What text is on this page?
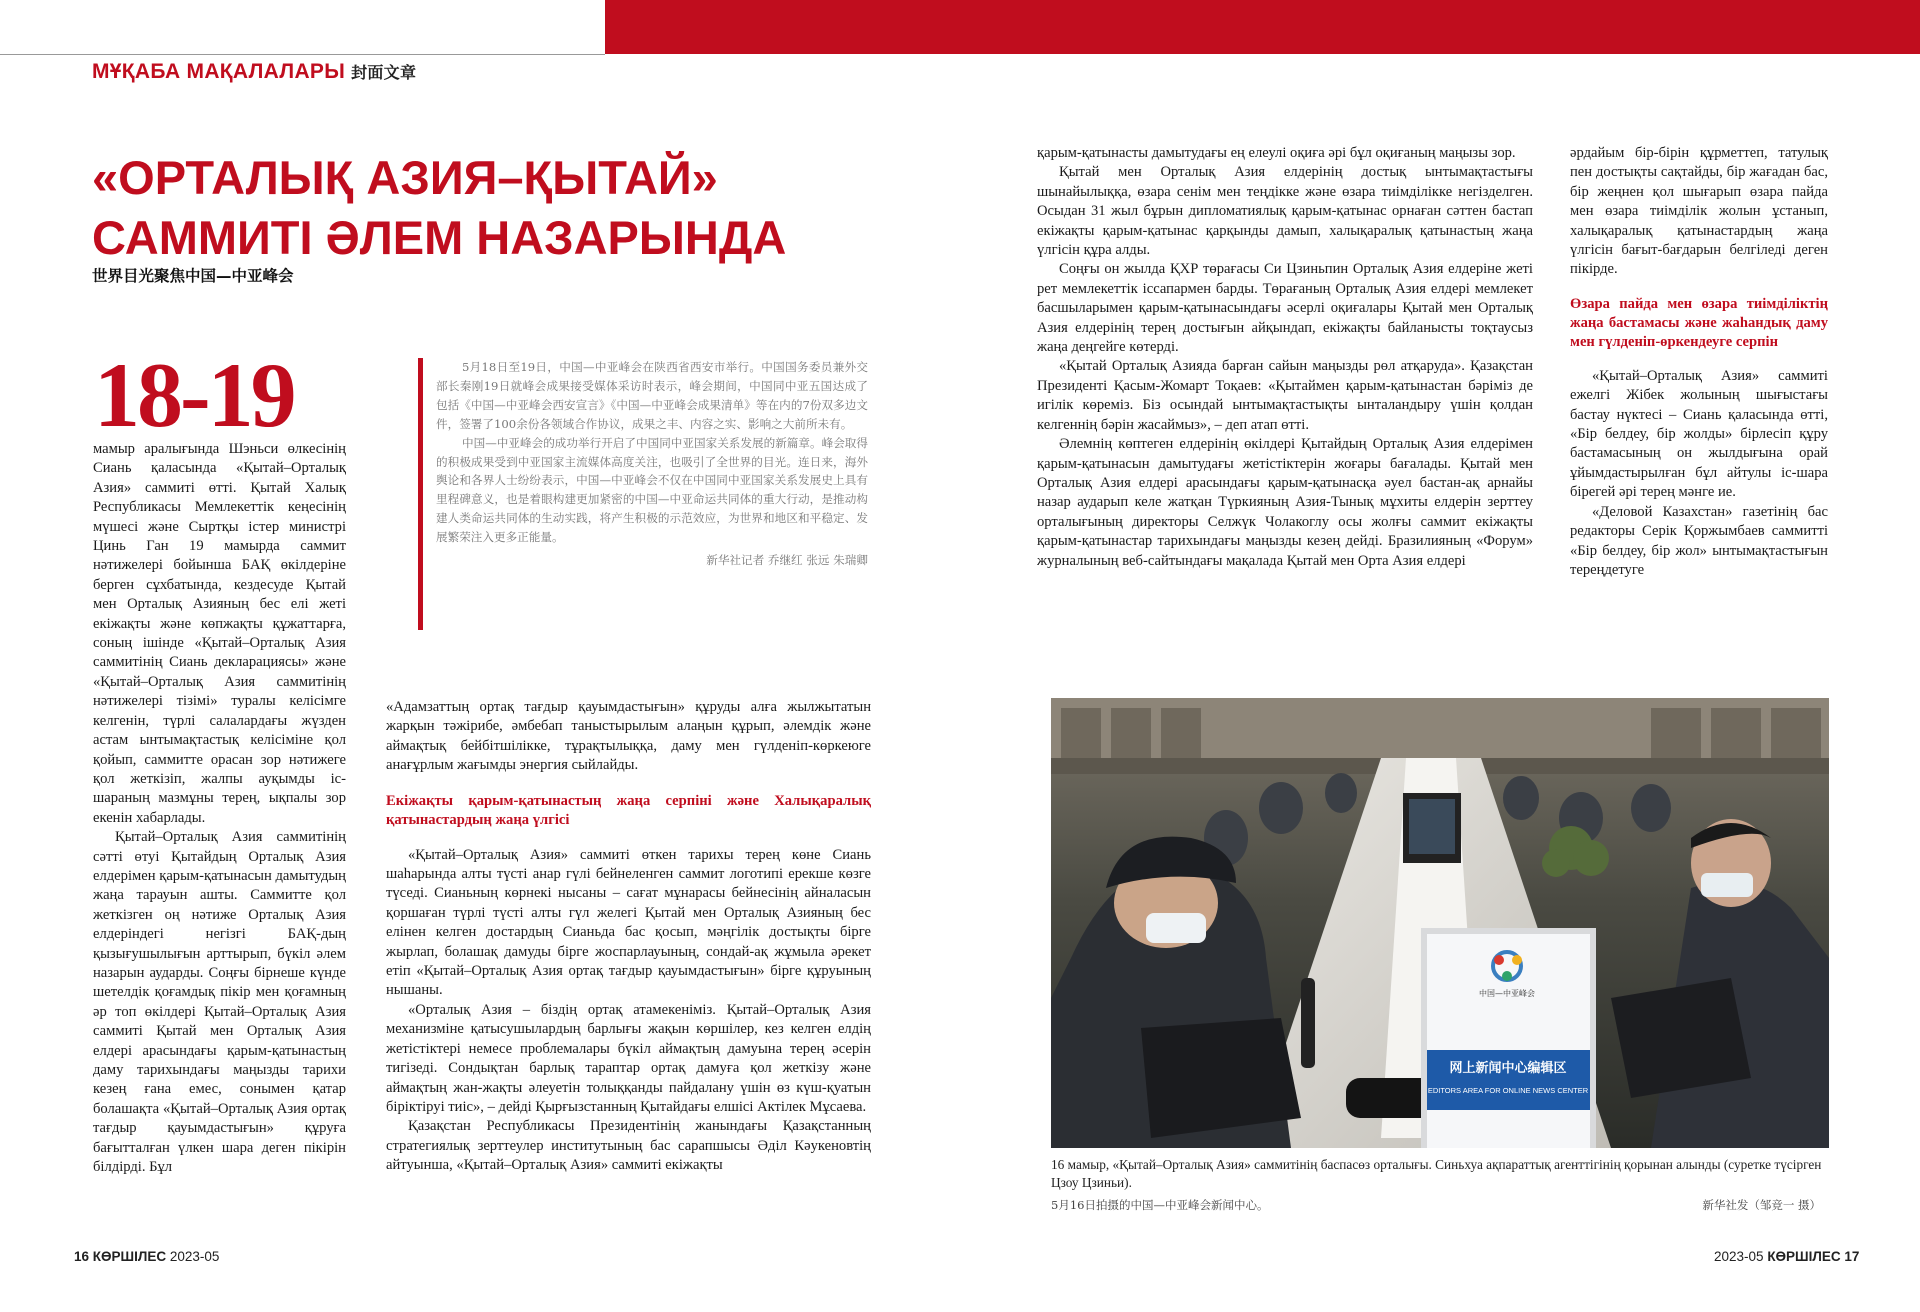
МҰҚАБА МАҚАЛАЛАРЫ 封面文章
«ОРТАЛЫҚ АЗИЯ–ҚЫТАЙ»
САММИТІ ӘЛЕМ НАЗАРЫНДА
世界目光聚焦中国—中亚峰会
18-19

мамыр аралығында Шэньси өлкесінің Сиань қаласында «Қытай–Орталық Азия» саммиті өтті. Қытай Халық Республикасы Мемлекеттік кеңесінің мүшесі және Сыртқы істер министрі Цинь Ган 19 мамырда саммит нәтижелері бойынша БАҚ өкілдеріне берген сұхбатында, кездесуде Қытай мен Орталық Азияның бес елі жеті екіжақты және көпжақты құжаттарға, соның ішінде «Қытай–Орталық Азия саммитінің Сиань декларациясы» және «Қытай–Орталық Азия саммитінің нәтижелері тізімі» туралы келісімге келгенін, түрлі салалардағы жүзден астам ынтымақтастық келісіміне қол қойып, саммитте орасан зор нәтижеге қол жеткізіп, жалпы ауқымды іс-шараның мазмұны терең, ықпалы зор екенін хабарлады.

Қытай–Орталық Азия саммитінің сәтті өтуі Қытайдың Орталық Азия елдерімен қарым-қатынасын дамытудың жаңа тарауын ашты. Саммитте қол жеткізген оң нәтиже Орталық Азия елдеріндегі негізгі БАҚ-дың қызығушылығын арттырып, бүкіл әлем назарын аударды. Соңғы бірнеше күнде шетелдік қоғамдық пікір мен қоғамның әр топ өкілдері Қытай–Орталық Азия саммиті Қытай мен Орталық Азия елдері арасындағы қарым-қатынастың даму тарихындағы маңызды тарихи кезең ғана емес, сонымен қатар болашақта «Қытай–Орталық Азия ортақ тағдыр қауымдастығын» құруға бағытталған үлкен шара деген пікірін білдірді. Бұл

5月18日至19日，中国—中亚峰会在陕西省西安市举行。中国国务委员兼外交部长秦刚19日就峰会成果接受媒体采访时表示，峰会期间，中国同中亚五国达成了包括《中国—中亚峰会西安宣言》《中国—中亚峰会成果清单》等在内的7份双多边文件，签署了100余份各领域合作协议，成果之丰、内容之实、影响之大前所未有。

中国—中亚峰会的成功举行开启了中国同中亚国家关系发展的新篇章。峰会取得的积极成果受到中亚国家主流媒体高度关注，也吸引了全世界的目光。连日来，海外舆论和各界人士纷纷表示，中国—中亚峰会不仅在中国同中亚国家关系发展史上具有里程碑意义，也是着眼构建更加紧密的中国—中亚命运共同体的重大行动，是推动构建人类命运共同体的生动实践，将产生积极的示范效应，为世界和地区和平稳定、发展繁荣注入更多正能量。

新华社记者 乔继红 张远 朱瑞卿

«Адамзаттың ортақ тағдыр қауымдастығын» құруды алға жылжытатын жарқын тәжірибе, әмбебап таныстырылым алаңын құрып, әлемдік және аймақтық бейбітшілікке, тұрақтылыққа, даму мен гүлденіп-көркеюге анағұрлым жағымды энергия сыйлайды.

Екіжақты қарым-қатынастың жаңа серпіні және Халықаралық қатынастардың жаңа үлгісі

«Қытай–Орталық Азия» саммиті өткен тарихы терең көне Сиань шаһарында алты түсті анар гүлі бейнеленген саммит логотипі ерекше көзге түседі. Сианьның көрнекі нысаны – сағат мұнарасы бейнесінің айналасын қоршаған түрлі түсті алты гүл желегі Қытай мен Орталық Азияның бес елінен келген достардың Сианьда бас қосып, мәңгілік достықты бірге жырлап, болашақ дамуды бірге жоспарлауының, сондай-ақ жұмыла әрекет етіп «Қытай–Орталық Азия ортақ тағдыр қауымдастығын» бірге құруының нышаны.

«Орталық Азия – біздің ортақ атамекеніміз. Қытай–Орталық Азия механизміне қатысушылардың барлығы жақын көршілер, кез келген елдің жетістіктері немесе проблемалары бүкіл аймақтың дамуына терең әсерін тигізеді. Сондықтан барлық тараптар ортақ дамуға қол жеткізу және аймақтың жан-жақты әлеуетін толыққанды пайдалану үшін өз күш-қуатын біріктіруі тиіс», – дейді Қырғызстанның Қытайдағы елшісі Актілек Мұсаева.

Қазақстан Республикасы Президентінің жанындағы Қазақстанның стратегиялық зерттеулер институтының бас сарапшысы Әділ Кәукеновтің айтуынша, «Қытай–Орталық Азия» саммиті екіжақты

қарым-қатынасты дамытудағы ең елеулі оқиға әрі бұл оқиғаның маңызы зор.

Қытай мен Орталық Азия елдерінің достық ынтымақтастығы шынайылыққа, өзара сенім мен теңдікке және өзара тиімділікке негізделген. Осыдан 31 жыл бұрын дипломатиялық қарым-қатынас орнаған сәттен бастап екіжақты қарым-қатынас қарқынды дамып, халықаралық қатынастың жаңа үлгісін құра алды.

Соңғы он жылда ҚХР төрағасы Си Цзиньпин Орталық Азия елдеріне жеті рет мемлекеттік іссапармен барды. Төрағаның Орталық Азия елдері мемлекет басшыларымен қарым-қатынасындағы әсерлі оқиғалары Қытай мен Орталық Азия елдерінің терең достығын айқындап, екіжақты байланысты тоқтаусыз жаңа деңгейге көтерді.

«Қытай Орталық Азияда барған сайын маңызды рөл атқаруда». Қазақстан Президенті Қасым-Жомарт Тоқаев: «Қытаймен қарым-қатынастан бәрімiз де игілік көреміз. Біз осындай ынтымақтастықты ынталандыру үшін қолдан келгеннің бәрін жасаймыз», – деп атап өтті.

Әлемнің көптеген елдерінің өкілдері Қытайдың Орталық Азия елдерімен қарым-қатынасын дамытудағы жетістіктерін жоғары бағалады. Қытай мен Орталық Азия елдері арасындағы қарым-қатынасқа әуел бастан-ақ арнайы назар аударып келе жатқан Түркияның Азия-Тынық мұхиты елдерін зерттеу орталығының директоры Селжүк Чолакоглу осы жолғы саммит екіжақты қарым-қатынастар тарихындағы маңызды кезең дейді. Бразилияның «Форум» журналының веб-сайтындағы мақалада Қытай мен Орта Азия елдері

әрдайым бір-бірін құрметтеп, татулық пен достықты сақтайды, бір жағадан бас, бір жеңнен қол шығарып өзара пайда мен өзара тиімділік жолын ұстанып, халықаралық қатынастардың жаңа үлгісін бағыт-бағдарын белгіледі деген пікірде.

Өзара пайда мен өзара тиімділіктің жаңа бастамасы және жаһандық даму мен гүлденіп-өркендеуге серпін

«Қытай–Орталық Азия» саммиті ежелгі Жібек жолының шығыстағы бастау нүктесі – Сиань қаласында өтті, «Бір белдеу, бір жолды» бірлесіп құру бастамасының он жылдығына орай ұйымдастырылған бұл айтулы іс-шара бірегей әрі терең мәнге ие.

«Деловой Казахстан» газетінің бас редакторы Серік Қоржымбаев саммитті «Бір белдеу, бір жол» ынтымақтастығын тереңдетуге

中国—中亚峰会
网上新闻中心编辑区
EDITORS AREA FOR ONLINE NEWS CENTER
16 мамыр, «Қытай–Орталық Азия» саммитінің баспасөз орталығы. Синьхуа ақпараттық агенттігінің қорынан алынды (суретке түсірген Цзоу Цзиньи).
5月16日拍摄的中国—中亚峰会新闻中心。	新华社发（邹竞一 摄）
16 КӨРШІЛЕС 2023-05	2023-05 КӨРШІЛЕС 17
